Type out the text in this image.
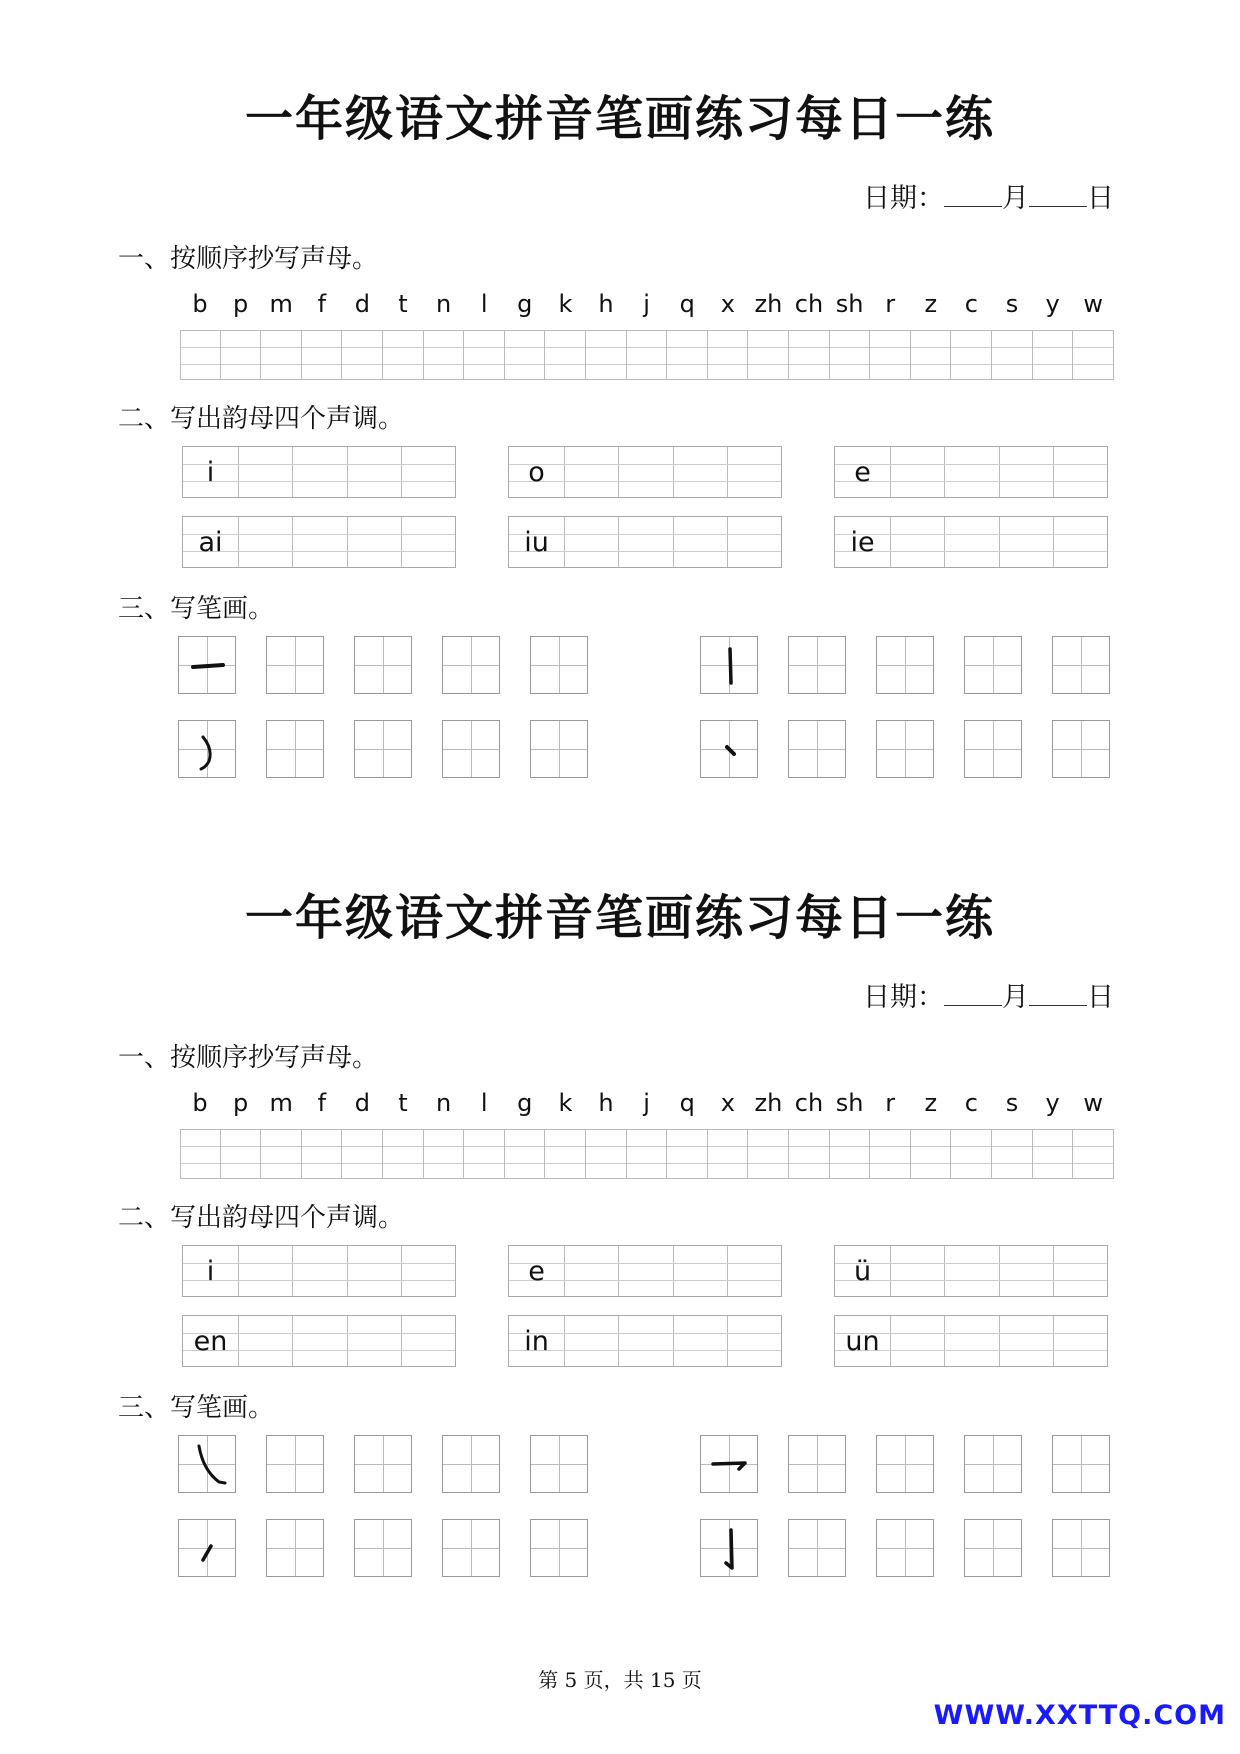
一年级语文拼音笔画练习每日一练
日期： 月 日
一、按顺序抄写声母。
b	p m	f	d	t	n	l	g	k	h	j	q	x zh ch sh r	z	c	s	y w
二、写出韵母四个声调。
i	o	e
ai	iu	ie
三、写笔画。
一年级语文拼音笔画练习每日一练
日期： 月 日
一、按顺序抄写声母。
b	p m	f	d	t	n	l	g	k	h	j	q	x zh ch sh r	z	c	s	y w
二、写出韵母四个声调。
i	e	ü
en	in	un
三、写笔画。
第 5 页，共 15 页
WWW.XXTTQ.COM
